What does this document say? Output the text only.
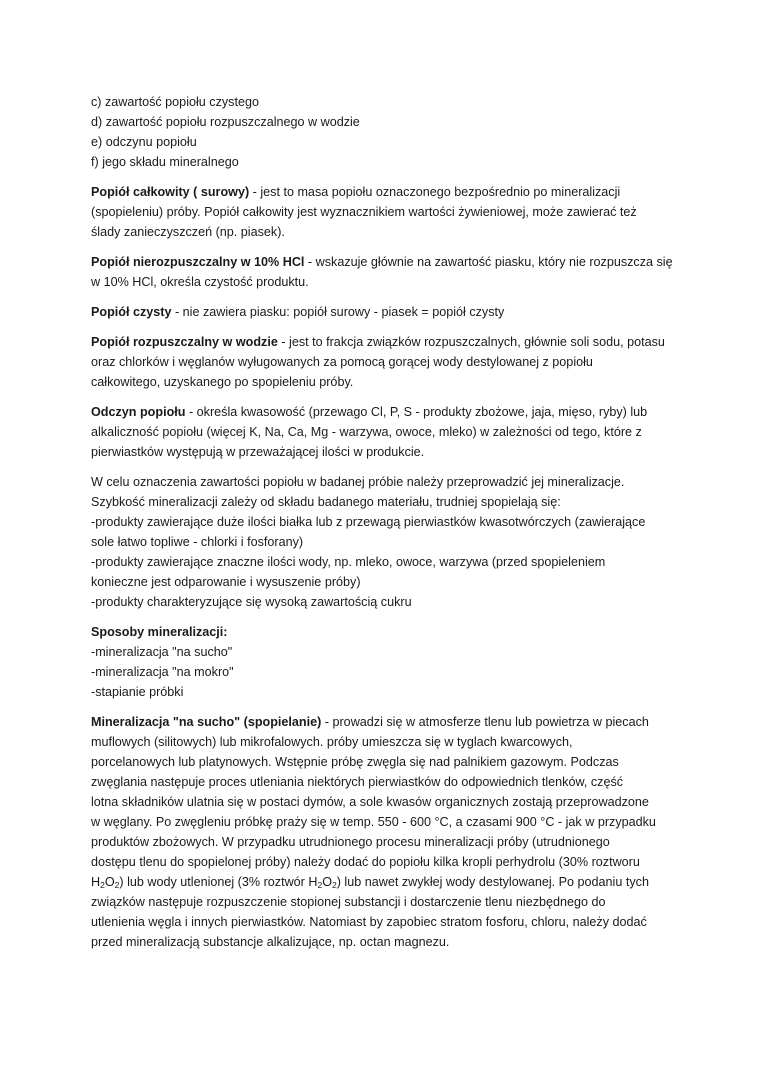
c) zawartość popiołu czystego
d) zawartość popiołu rozpuszczalnego w wodzie
e) odczynu popiołu
f) jego składu mineralnego
Popiół całkowity ( surowy) - jest to masa popiołu oznaczonego bezpośrednio po mineralizacji
(spopieleniu) próby. Popiół całkowity jest wyznacznikiem wartości żywieniowej, może zawierać też
ślady zanieczyszczeń (np. piasek).
Popiół nierozpuszczalny w 10% HCl - wskazuje głównie na zawartość piasku, który nie rozpuszcza się
w 10% HCl, określa czystość produktu.
Popiół czysty - nie zawiera piasku: popiół surowy - piasek = popiół czysty
Popiół rozpuszczalny w wodzie - jest to frakcja związków rozpuszczalnych, głównie soli sodu, potasu
oraz chlorków i węglanów wyługowanych za pomocą gorącej wody destylowanej z popiołu
całkowitego, uzyskanego po spopieleniu próby.
Odczyn popiołu - określa kwasowość (przewago Cl, P, S - produkty zbożowe, jaja, mięso, ryby) lub
alkaliczność popiołu (więcej K, Na, Ca, Mg - warzywa, owoce, mleko) w zależności od tego, które z
pierwiastków występują w przeważającej ilości w produkcie.
W celu oznaczenia zawartości popiołu w badanej próbie należy przeprowadzić jej mineralizacje.
Szybkość mineralizacji zależy od składu badanego materiału, trudniej spopielają się:
-produkty zawierające duże ilości białka lub z przewagą pierwiastków kwasotwórczych (zawierające
sole łatwo topliwe - chlorki i fosforany)
-produkty zawierające znaczne ilości wody, np. mleko, owoce, warzywa (przed spopieleniem
konieczne jest odparowanie i wysuszenie próby)
-produkty charakteryzujące się wysoką zawartością cukru
Sposoby mineralizacji:
-mineralizacja "na sucho"
-mineralizacja "na mokro"
-stapianie próbki
Mineralizacja "na sucho" (spopielanie) - prowadzi się w atmosferze tlenu lub powietrza w piecach
muflowych (silitowych) lub mikrofalowych. próby umieszcza się w tyglach kwarcowych,
porcelanowych lub platynowych. Wstępnie próbę zwęgla się nad palnikiem gazowym. Podczas
zwęglania następuje proces utleniania niektórych pierwiastków do odpowiednich tlenków, część
lotna składników ulatnia się w postaci dymów, a sole kwasów organicznych zostają przeprowadzone
w węglany. Po zwęgleniu próbkę praży się w temp. 550 - 600 °C, a czasami 900 °C - jak w przypadku
produktów zbożowych. W przypadku utrudnionego procesu mineralizacji próby (utrudnionego
dostępu tlenu do spopielonej próby) należy dodać do popiołu kilka kropli perhydrolu (30% roztworu
$H_2O_2$) lub wody utlenionej (3% roztwór $H_2O_2$) lub nawet zwykłej wody destylowanej. Po podaniu tych
związków następuje rozpuszczenie stopionej substancji i dostarczenie tlenu niezbędnego do
utlenienia węgla i innych pierwiastków. Natomiast by zapobiec stratom fosforu, chloru, należy dodać
przed mineralizacją substancje alkalizujące, np. octan magnezu.
